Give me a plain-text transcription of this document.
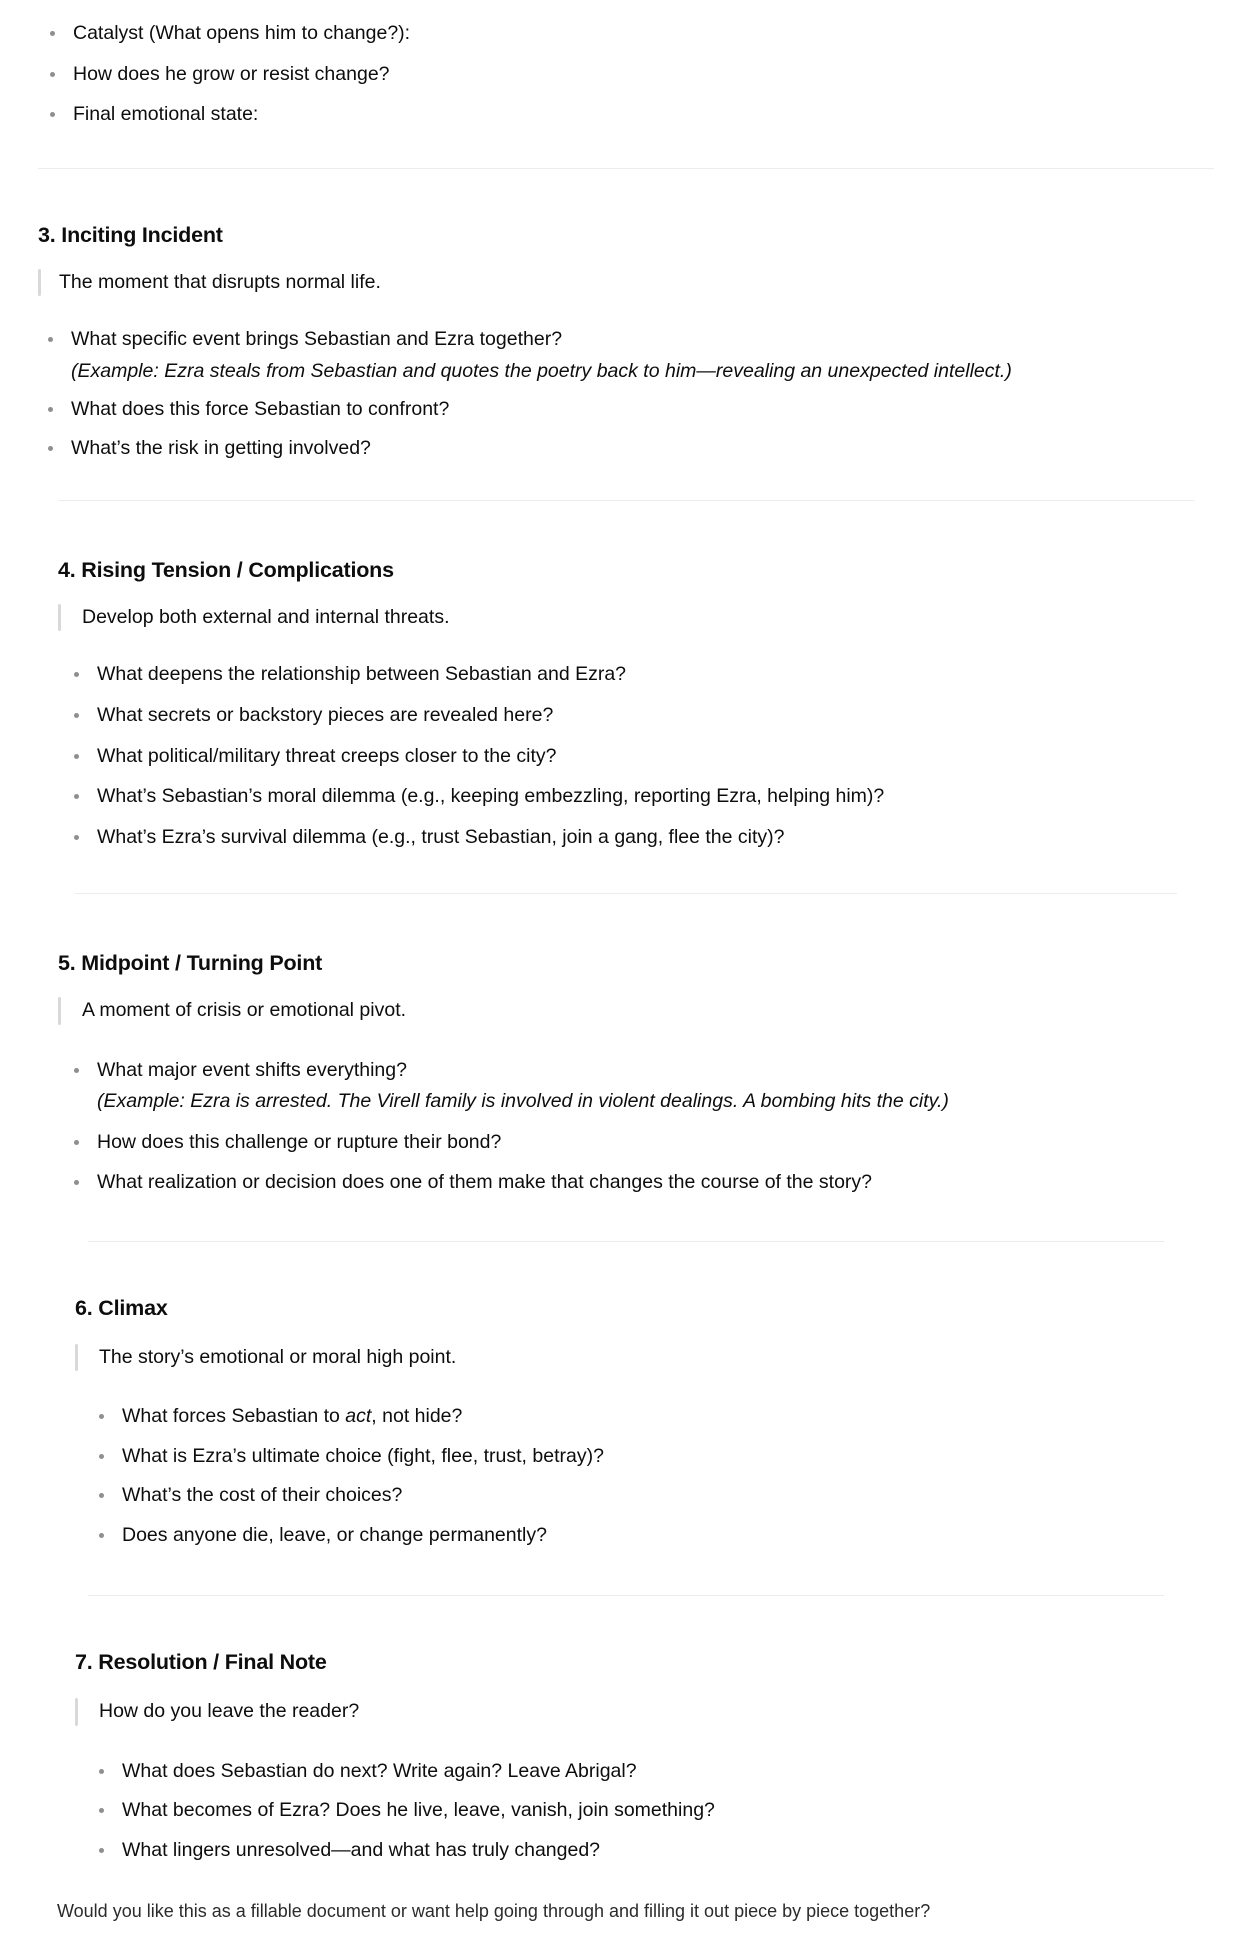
Catalyst (What opens him to change?):
How does he grow or resist change?
Final emotional state:
3. Inciting Incident
The moment that disrupts normal life.
What specific event brings Sebastian and Ezra together?
(Example: Ezra steals from Sebastian and quotes the poetry back to him—revealing an unexpected intellect.)
What does this force Sebastian to confront?
What’s the risk in getting involved?
4. Rising Tension / Complications
Develop both external and internal threats.
What deepens the relationship between Sebastian and Ezra?
What secrets or backstory pieces are revealed here?
What political/military threat creeps closer to the city?
What’s Sebastian’s moral dilemma (e.g., keeping embezzling, reporting Ezra, helping him)?
What’s Ezra’s survival dilemma (e.g., trust Sebastian, join a gang, flee the city)?
5. Midpoint / Turning Point
A moment of crisis or emotional pivot.
What major event shifts everything?
(Example: Ezra is arrested. The Virell family is involved in violent dealings. A bombing hits the city.)
How does this challenge or rupture their bond?
What realization or decision does one of them make that changes the course of the story?
6. Climax
The story’s emotional or moral high point.
What forces Sebastian to act, not hide?
What is Ezra’s ultimate choice (fight, flee, trust, betray)?
What’s the cost of their choices?
Does anyone die, leave, or change permanently?
7. Resolution / Final Note
How do you leave the reader?
What does Sebastian do next? Write again? Leave Abrigal?
What becomes of Ezra? Does he live, leave, vanish, join something?
What lingers unresolved—and what has truly changed?

Would you like this as a fillable document or want help going through and filling it out piece by piece together?
